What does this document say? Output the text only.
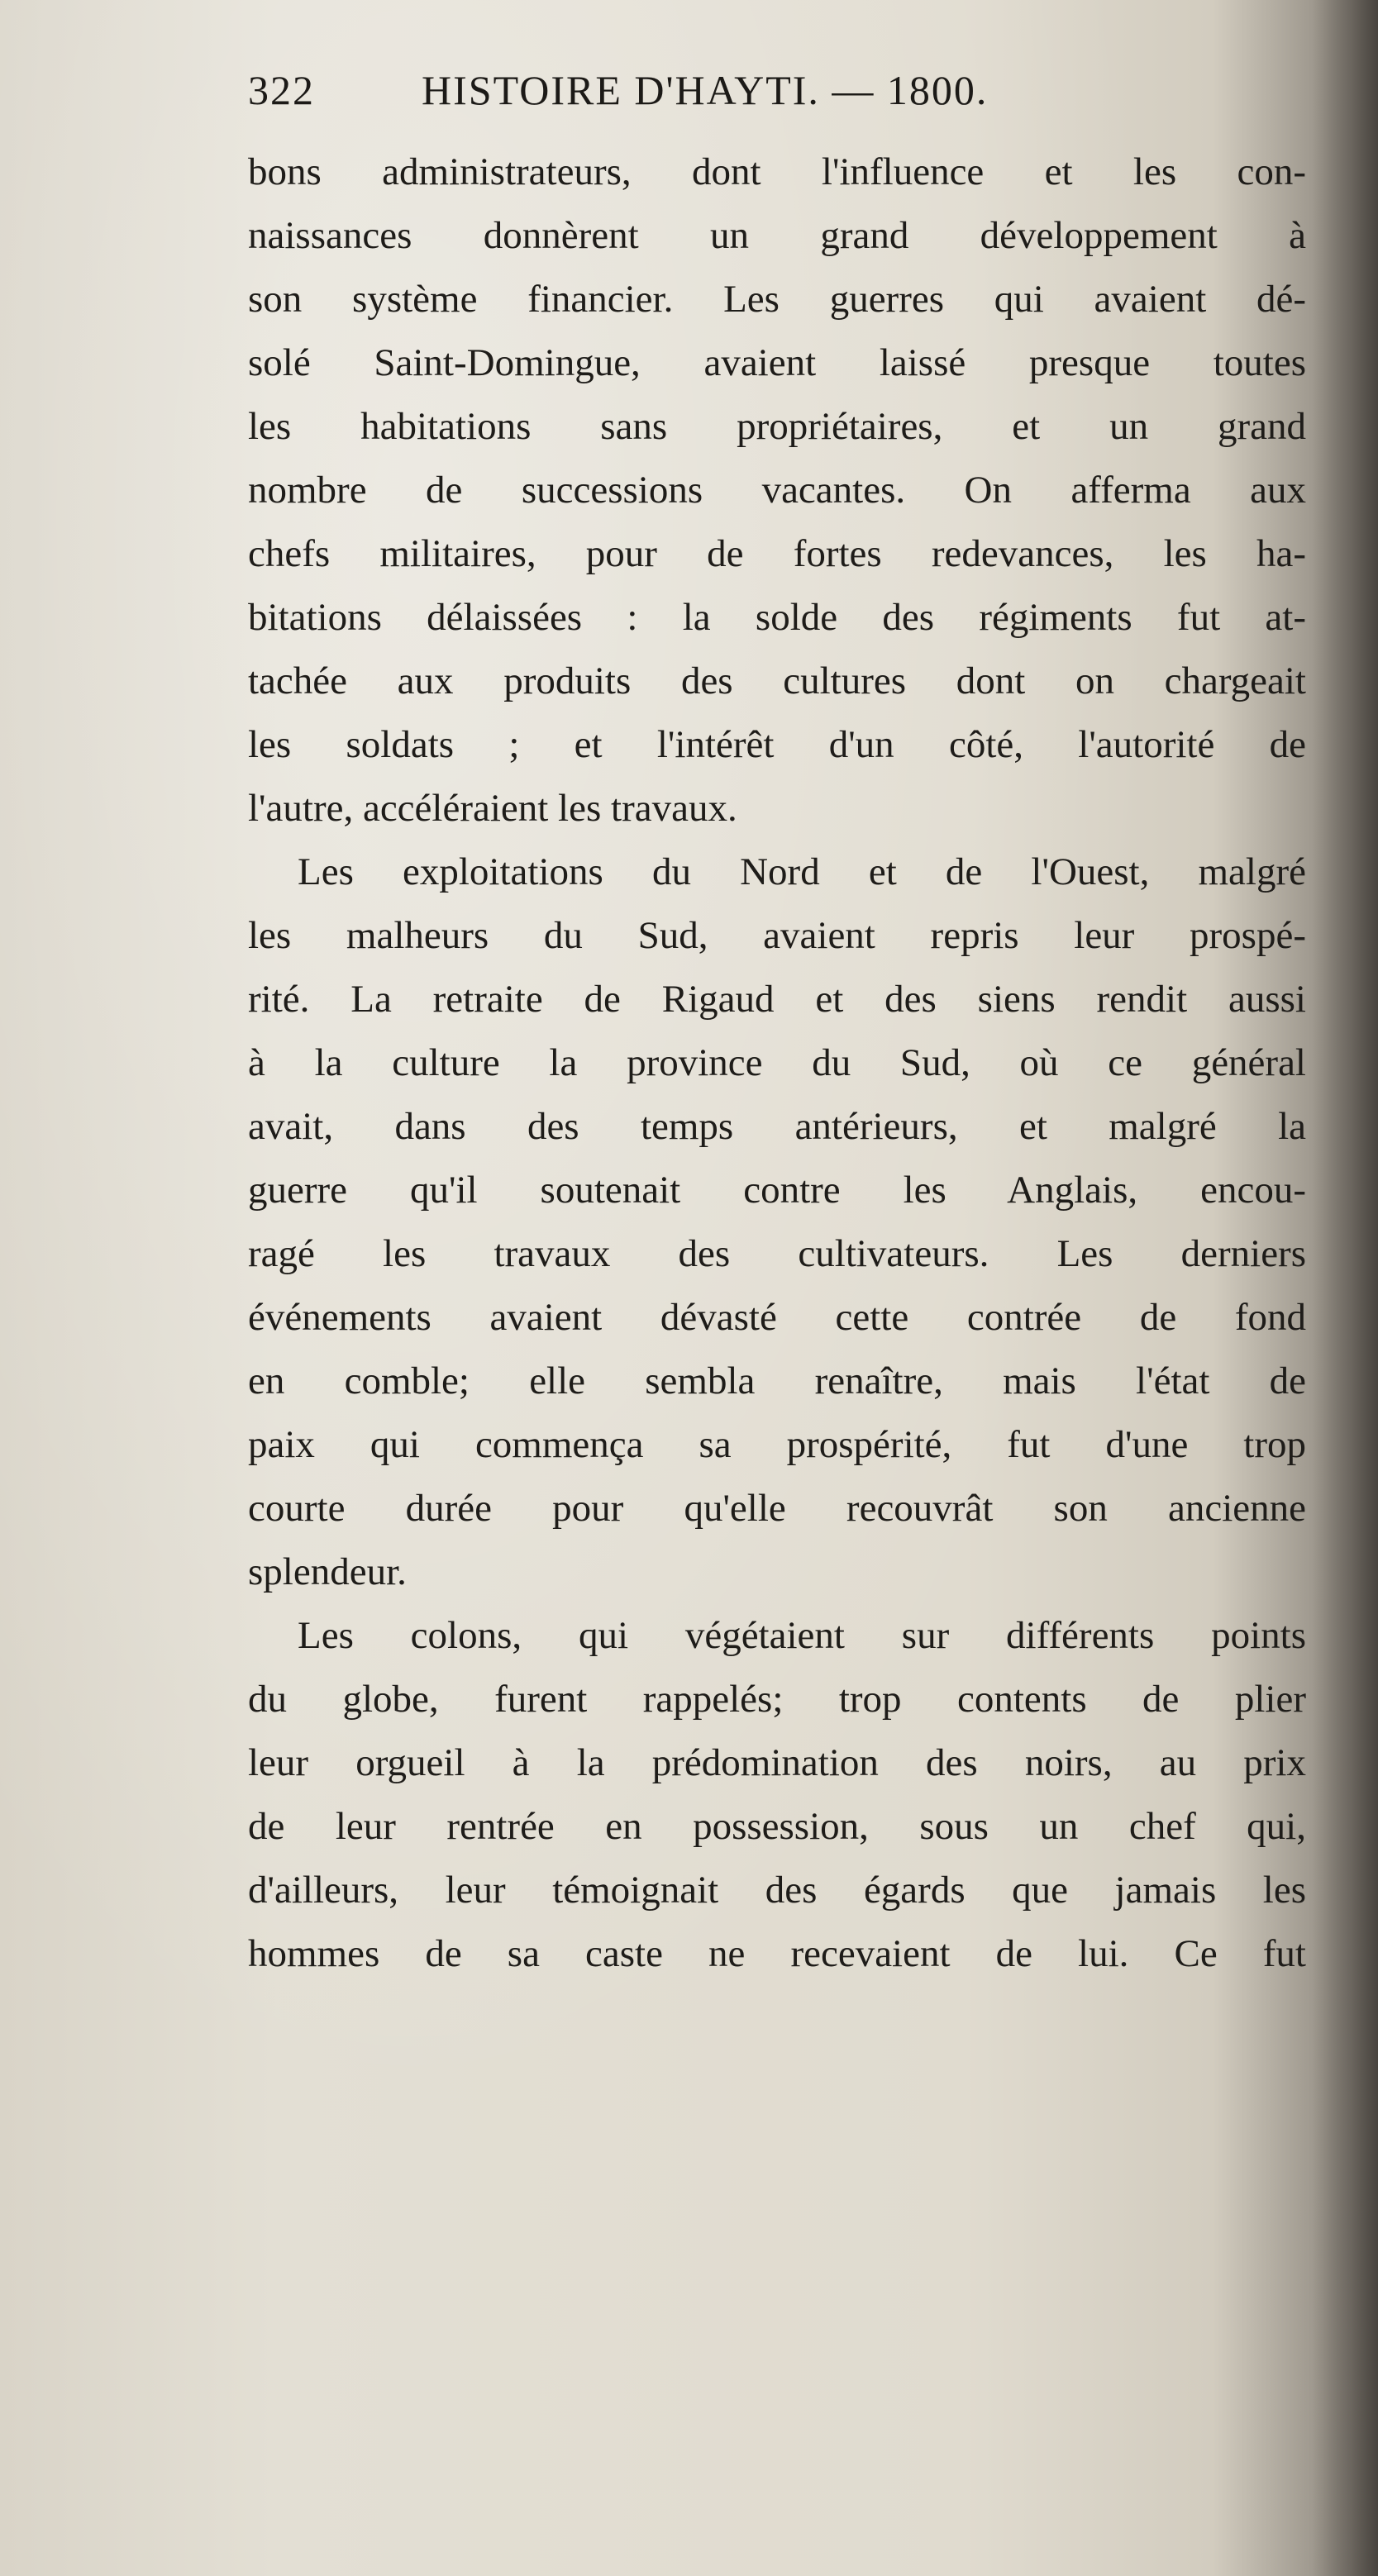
322	HISTOIRE D'HAYTI. — 1800.
bons administrateurs, dont l'influence et les con-
naissances donnèrent un grand développement à
son système financier. Les guerres qui avaient dé-
solé Saint-Domingue, avaient laissé presque toutes
les habitations sans propriétaires, et un grand
nombre de successions vacantes. On afferma aux
chefs militaires, pour de fortes redevances, les ha-
bitations délaissées : la solde des régiments fut at-
tachée aux produits des cultures dont on chargeait
les soldats ; et l'intérêt d'un côté, l'autorité de
l'autre, accéléraient les travaux.
Les exploitations du Nord et de l'Ouest, malgré
les malheurs du Sud, avaient repris leur prospé-
rité. La retraite de Rigaud et des siens rendit aussi
à la culture la province du Sud, où ce général
avait, dans des temps antérieurs, et malgré la
guerre qu'il soutenait contre les Anglais, encou-
ragé les travaux des cultivateurs. Les derniers
événements avaient dévasté cette contrée de fond
en comble; elle sembla renaître, mais l'état de
paix qui commença sa prospérité, fut d'une trop
courte durée pour qu'elle recouvrât son ancienne
splendeur.
Les colons, qui végétaient sur différents points
du globe, furent rappelés; trop contents de plier
leur orgueil à la prédomination des noirs, au prix
de leur rentrée en possession, sous un chef qui,
d'ailleurs, leur témoignait des égards que jamais les
hommes de sa caste ne recevaient de lui. Ce fut
